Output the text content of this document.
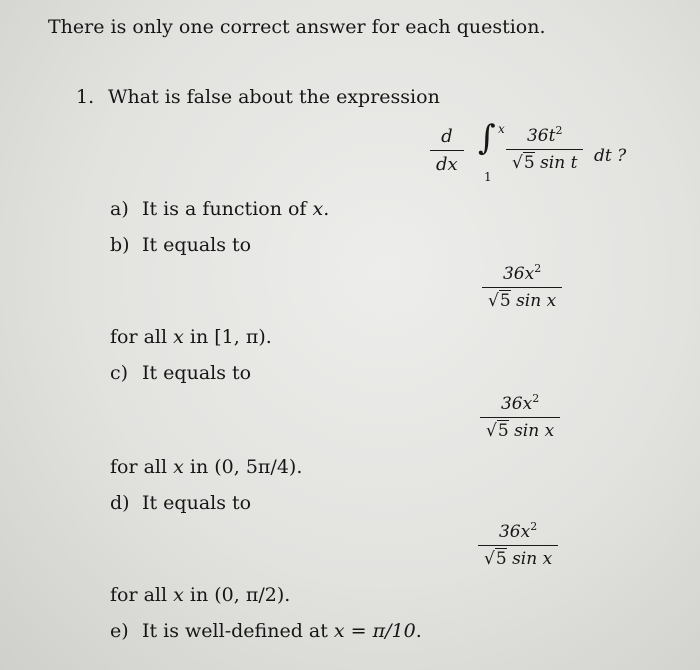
There is only one correct answer for each question.
1. What is false about the expression
d
dx
∫ x
1
$36t^2$
√5 sin t dt ?
a) It is a function of x.
b) It equals to
$36x^2$
√5 sin x
for all x in [1, π).
c) It equals to
$36x^2$
√5 sin x
for all x in (0, 5π/4).
d) It equals to
$36x^2$
√5 sin x
for all x in (0, π/2).
e) It is well-defined at x = π/10.
